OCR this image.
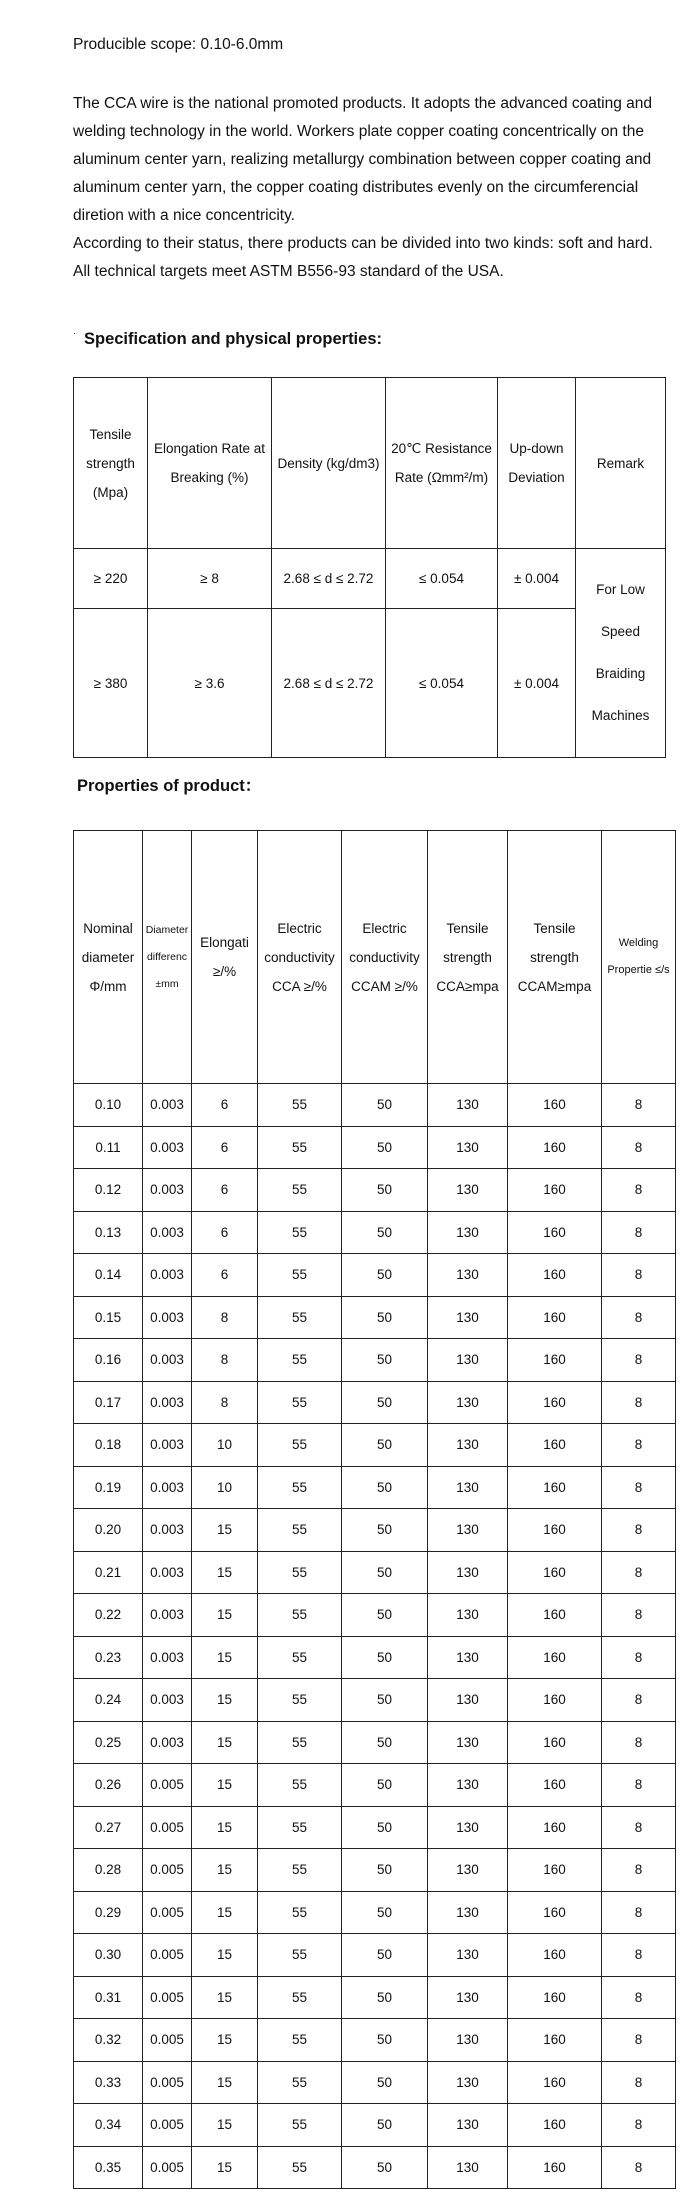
Producible scope: 0.10-6.0mm

The CCA wire is the national promoted products. It adopts the advanced coating and welding technology in the world. Workers plate copper coating concentrically on the aluminum center yarn, realizing metallurgy combination between copper coating and aluminum center yarn, the copper coating distributes evenly on the circumferencial diretion with a nice concentricity.

According to their status, there products can be divided into two kinds: soft and hard. All technical targets meet ASTM B556-93 standard of the USA.

· Specification and physical properties:
Tensile strength (Mpa)	Elongation Rate at Breaking (%)	Density (kg/dm3)	20℃ Resistance Rate (Ωmm²/m)	Up-down Deviation	Remark
≥ 220	≥ 8	2.68 ≤ d ≤ 2.72	≤ 0.054	± 0.004	For Low Speed Braiding Machines
≥ 380	≥ 3.6	2.68 ≤ d ≤ 2.72	≤ 0.054	± 0.004	
Properties of product：
Nominal diameter Φ/mm	Diameter differenc ±mm	Elongati ≥/%	Electric conductivity CCA ≥/%	Electric conductivity CCAM ≥/%	Tensile strength CCA≥mpa	Tensile strength CCAM≥mpa	Welding Propertie ≤/s
0.10	0.003	6	55	50	130	160	8
0.11	0.003	6	55	50	130	160	8
0.12	0.003	6	55	50	130	160	8
0.13	0.003	6	55	50	130	160	8
0.14	0.003	6	55	50	130	160	8
0.15	0.003	8	55	50	130	160	8
0.16	0.003	8	55	50	130	160	8
0.17	0.003	8	55	50	130	160	8
0.18	0.003	10	55	50	130	160	8
0.19	0.003	10	55	50	130	160	8
0.20	0.003	15	55	50	130	160	8
0.21	0.003	15	55	50	130	160	8
0.22	0.003	15	55	50	130	160	8
0.23	0.003	15	55	50	130	160	8
0.24	0.003	15	55	50	130	160	8
0.25	0.003	15	55	50	130	160	8
0.26	0.005	15	55	50	130	160	8
0.27	0.005	15	55	50	130	160	8
0.28	0.005	15	55	50	130	160	8
0.29	0.005	15	55	50	130	160	8
0.30	0.005	15	55	50	130	160	8
0.31	0.005	15	55	50	130	160	8
0.32	0.005	15	55	50	130	160	8
0.33	0.005	15	55	50	130	160	8
0.34	0.005	15	55	50	130	160	8
0.35	0.005	15	55	50	130	160	8
